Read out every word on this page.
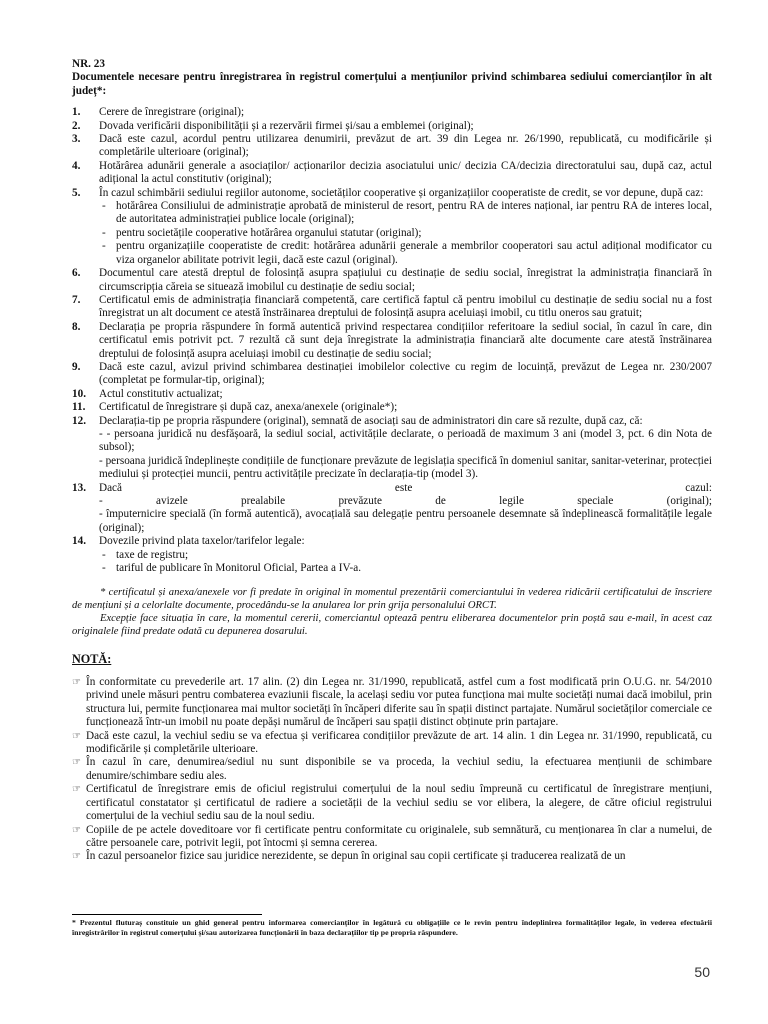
NR. 23
Documentele necesare pentru înregistrarea în registrul comerțului a mențiunilor privind schimbarea sediului comercianților în alt județ*:
1.	Cerere de înregistrare (original);
2.	Dovada verificării disponibilității și a rezervării firmei și/sau a emblemei (original);
3.	Dacă este cazul, acordul pentru utilizarea denumirii, prevăzut de art. 39 din Legea nr. 26/1990, republicată, cu modificările și completările ulterioare (original);
4.	Hotărârea adunării generale a asociaților/ acționarilor decizia asociatului unic/ decizia CA/decizia directoratului sau, după caz, actul adițional la actul constitutiv (original);
5.	În cazul schimbării sediului regiilor autonome, societăților cooperative și organizațiilor cooperatiste de credit, se vor depune, după caz:
- hotărârea Consiliului de administrație aprobată de ministerul de resort, pentru RA de interes național, iar pentru RA de interes local, de autoritatea administrației publice locale (original);
- pentru societățile cooperative hotărârea organului statutar (original);
- pentru organizațiile cooperatiste de credit: hotărârea adunării generale a membrilor cooperatori sau actul adițional modificator cu viza organelor abilitate potrivit legii, dacă este cazul (original).
6.	Documentul care atestă dreptul de folosință asupra spațiului cu destinație de sediu social, înregistrat la administrația financiară în circumscripția căreia se situează imobilul cu destinație de sediu social;
7.	Certificatul emis de administrația financiară competentă, care certifică faptul că pentru imobilul cu destinație de sediu social nu a fost înregistrat un alt document ce atestă înstrăinarea dreptului de folosință asupra aceluiași imobil, cu titlu oneros sau gratuit;
8.	Declarația pe propria răspundere în formă autentică privind respectarea condițiilor referitoare la sediul social, în cazul în care, din certificatul emis potrivit pct. 7 rezultă că sunt deja înregistrate la administrația financiară alte documente care atestă înstrăinarea dreptului de folosință asupra aceluiași imobil cu destinație de sediu social;
9.	Dacă este cazul, avizul privind schimbarea destinației imobilelor colective cu regim de locuință, prevăzut de Legea nr. 230/2007 (completat pe formular-tip, original);
10.	Actul constitutiv actualizat;
11.	Certificatul de înregistrare și după caz, anexa/anexele (originale*);
12.	Declarația-tip pe propria răspundere (original), semnată de asociați sau de administratori din care să rezulte, după caz, că:
- - persoana juridică nu desfășoară, la sediul social, activitățile declarate, o perioadă de maximum 3 ani (model 3, pct. 6 din Nota de subsol);
- persoana juridică îndeplinește condițiile de funcționare prevăzute de legislația specifică în domeniul sanitar, sanitar-veterinar, protecției mediului și protecției muncii, pentru activitățile precizate în declarația-tip (model 3).
13.	Dacă	este	cazul:
- avizele prealabile prevăzute de legile speciale (original);
- împuternicire specială (în formă autentică), avocațială sau delegație pentru persoanele desemnate să îndeplinească formalitățile legale (original);
14.	Dovezile privind plata taxelor/tarifelor legale:
- taxe de registru;
- tariful de publicare în Monitorul Oficial, Partea a IV-a.

* certificatul și anexa/anexele vor fi predate în original în momentul prezentării comerciantului în vederea ridicării certificatului de înscriere de mențiuni și a celorlalte documente, procedându-se la anularea lor prin grija personalului ORCT.

Excepție face situația în care, la momentul cererii, comerciantul optează pentru eliberarea documentelor prin poștă sau e-mail, în acest caz originalele fiind predate odată cu depunerea dosarului.

NOTĂ:
☞ În conformitate cu prevederile art. 17 alin. (2) din Legea nr. 31/1990, republicată, astfel cum a fost modificată prin O.U.G. nr. 54/2010 privind unele măsuri pentru combaterea evaziunii fiscale, la același sediu vor putea funcționa mai multe societăți numai dacă imobilul, prin structura lui, permite funcționarea mai multor societăți în încăperi diferite sau în spații distinct partajate. Numărul societăților comerciale ce funcționează într-un imobil nu poate depăși numărul de încăperi sau spații distinct obținute prin partajare.
☞ Dacă este cazul, la vechiul sediu se va efectua și verificarea condițiilor prevăzute de art. 14 alin. 1 din Legea nr. 31/1990, republicată, cu modificările și completările ulterioare.
☞ În cazul în care, denumirea/sediul nu sunt disponibile se va proceda, la vechiul sediu, la efectuarea mențiunii de schimbare denumire/schimbare sediu ales.
☞ Certificatul de înregistrare emis de oficiul registrului comerțului de la noul sediu împreună cu certificatul de înregistrare mențiuni, certificatul constatator și certificatul de radiere a societății de la vechiul sediu se vor elibera, la alegere, de către oficiul registrului comerțului de la vechiul sediu sau de la noul sediu.
☞ Copiile de pe actele doveditoare vor fi certificate pentru conformitate cu originalele, sub semnătură, cu menționarea în clar a numelui, de către persoanele care, potrivit legii, pot întocmi și semna cererea.
☞ În cazul persoanelor fizice sau juridice nerezidente, se depun în original sau copii certificate și traducerea realizată de un
* Prezentul fluturaș constituie un ghid general pentru informarea comercianților în legătură cu obligațiile ce le revin pentru îndeplinirea formalităților legale, în vederea efectuării înregistrărilor în registrul comerțului și/sau autorizarea funcționării în baza declarațiilor tip pe propria răspundere.
50
